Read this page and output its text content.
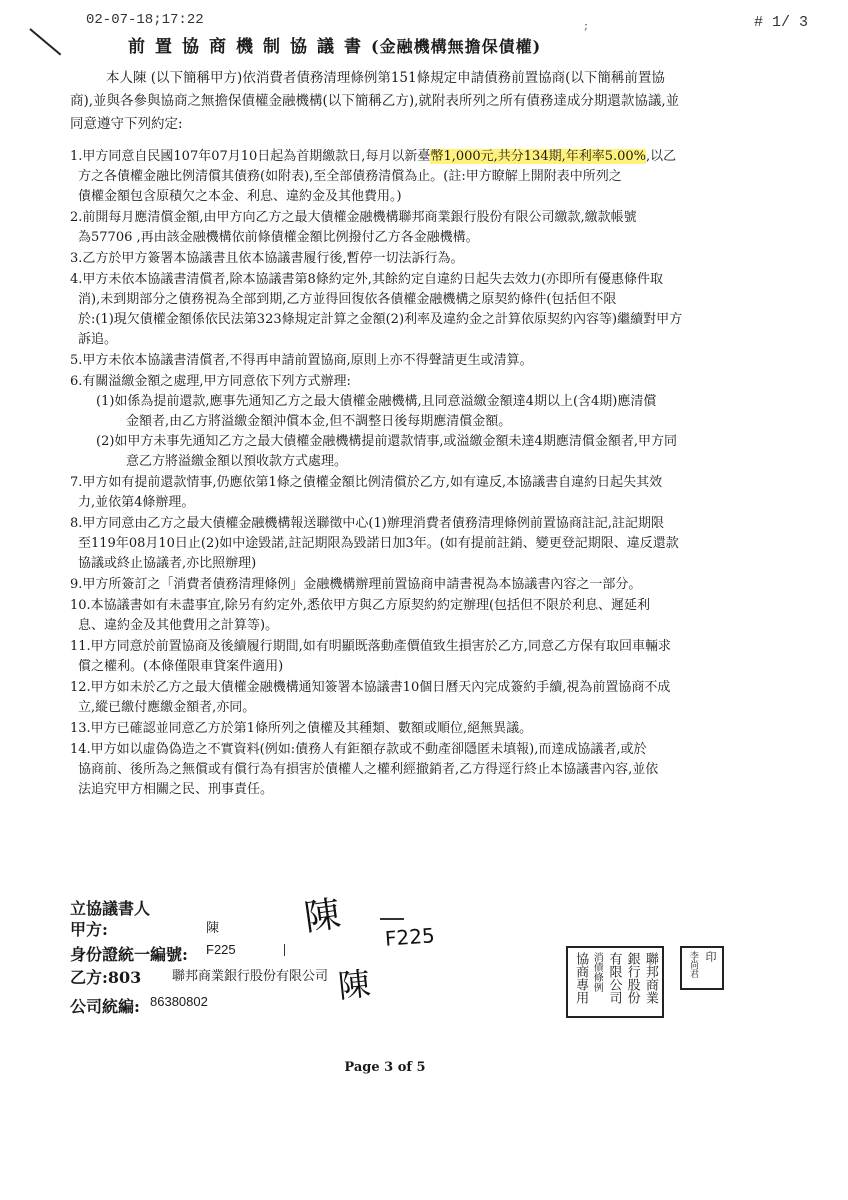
02-07-18;17:22	;	# 1/ 3
前置協商機制協議書(金融機構無擔保債權)
本人陳 (以下簡稱甲方)依消費者債務清理條例第151條規定申請債務前置協商(以下簡稱前置協
商),並與各參與協商之無擔保債權金融機構(以下簡稱乙方),就附表所列之所有債務達成分期還款協議,並
同意遵守下列約定:
1.甲方同意自民國107年07月10日起為首期繳款日,每月以新臺幣1,000元,共分134期,年利率5.00%,以乙
方之各債權金融比例清償其債務(如附表),至全部債務清償為止。(註:甲方瞭解上開附表中所列之
債權金額包含原積欠之本金、利息、違約金及其他費用。)
2.前開每月應清償金額,由甲方向乙方之最大債權金融機構聯邦商業銀行股份有限公司繳款,繳款帳號
為57706 ,再由該金融機構依前條債權金額比例撥付乙方各金融機構。
3.乙方於甲方簽署本協議書且依本協議書履行後,暫停一切法訴行為。
4.甲方未依本協議書清償者,除本協議書第8條約定外,其餘約定自違約日起失去效力(亦即所有優惠條件取
消),未到期部分之債務視為全部到期,乙方並得回復依各債權金融機構之原契約條件(包括但不限
於:(1)現欠債權金額係依民法第323條規定計算之金額(2)利率及違約金之計算依原契約內容等)繼續對甲方
訴追。
5.甲方未依本協議書清償者,不得再申請前置協商,原則上亦不得聲請更生或清算。
6.有關溢繳金額之處理,甲方同意依下列方式辦理:
(1)如係為提前還款,應事先通知乙方之最大債權金融機構,且同意溢繳金額達4期以上(含4期)應清償
金額者,由乙方將溢繳金額沖償本金,但不調整日後每期應清償金額。
(2)如甲方未事先通知乙方之最大債權金融機構提前還款情事,或溢繳金額未達4期應清償金額者,甲方同
意乙方將溢繳金額以預收款方式處理。
7.甲方如有提前還款情事,仍應依第1條之債權金額比例清償於乙方,如有違反,本協議書自違約日起失其效
力,並依第4條辦理。
8.甲方同意由乙方之最大債權金融機構報送聯徵中心(1)辦理消費者債務清理條例前置協商註記,註記期限
至119年08月10日止(2)如中途毀諾,註記期限為毀諾日加3年。(如有提前註銷、變更登記期限、違反還款
協議或終止協議者,亦比照辦理)
9.甲方所簽訂之「消費者債務清理條例」金融機構辦理前置協商申請書視為本協議書內容之一部分。
10.本協議書如有未盡事宜,除另有約定外,悉依甲方與乙方原契約約定辦理(包括但不限於利息、遲延利
息、違約金及其他費用之計算等)。
11.甲方同意於前置協商及後續履行期間,如有明顯既落動產價值致生損害於乙方,同意乙方保有取回車輛求
償之權利。(本條僅限車貸案件適用)
12.甲方如未於乙方之最大債權金融機構通知簽署本協議書10個日曆天內完成簽約手續,視為前置協商不成
立,縱已繳付應繳金額者,亦同。
13.甲方已確認並同意乙方於第1條所列之債權及其種類、數額或順位,絕無異議。
14.甲方如以虛偽偽造之不實資料(例如:債務人有鉅額存款或不動產卻隱匿未填報),而達成協議者,或於
協商前、後所為之無償或有償行為有損害於債權人之權利經撤銷者,乙方得逕行終止本協議書內容,並依
法追究甲方相關之民、刑事責任。
立協議書人
甲方:	陳
身份證統一編號: F225
乙方:803 聯邦商業銀行股份有限公司
公司統編: 86380802
陳 F225
陳	聯邦商業
銀行股份
有限公司
消債條例
協商專用	印
李尚君
Page 3 of 5
